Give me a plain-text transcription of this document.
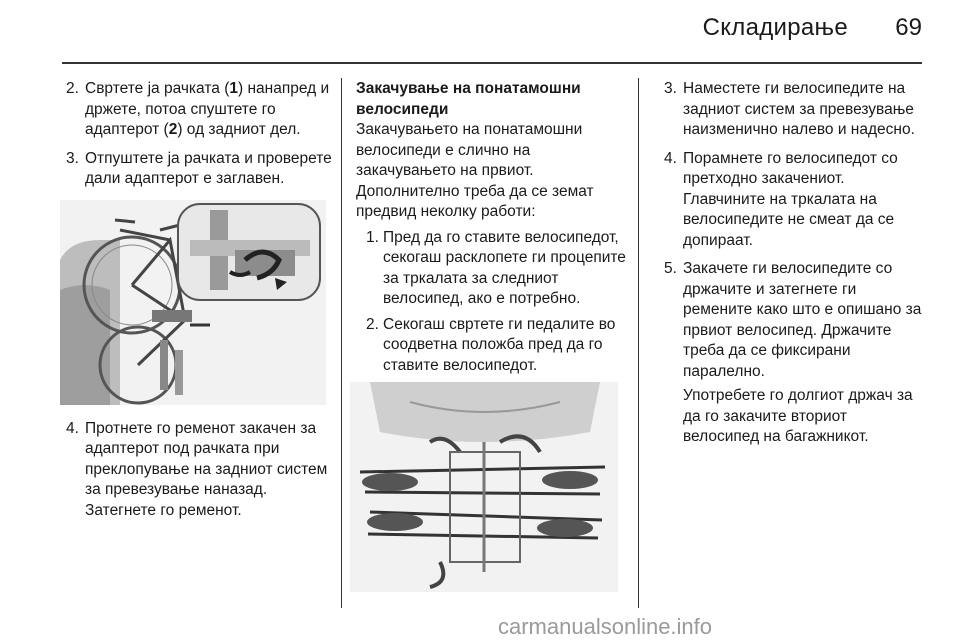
Складирање 69
2. Свртете ја рачката (1) нанапред и држете, потоа спуштете го адаптерот (2) од задниот дел.
3. Отпуштете ја рачката и проверете дали адаптерот е заглавен.
4. Протнете го ременот закачен за адаптерот под рачката при преклопување на задниот систем за превезување наназад. Затегнете го ременот.
Закачување на понатамошни велосипеди
Закачувањето на понатамошни велосипеди е слично на закачувањето на првиот.
Дополнително треба да се земат предвид неколку работи:
1. Пред да го ставите велосипедот, секогаш расклопете ги процепите за тркалата за следниот велосипед, ако е потребно.
2. Секогаш свртете ги педалите во соодветна положба пред да го ставите велосипедот.
3. Наместете ги велосипедите на задниот систем за превезување наизменично налево и надесно.
4. Порамнете го велосипедот со претходно закачениот. Главчините на тркалата на велосипедите не смеат да се допираат.
5. Закачете ги велосипедите со држачите и затегнете ги ремените како што е опишано за првиот велосипед. Држачите треба да се фиксирани паралелно.
Употребете го долгиот држач за да го закачите вториот велосипед на багажникот.
carmanualsonline.info
